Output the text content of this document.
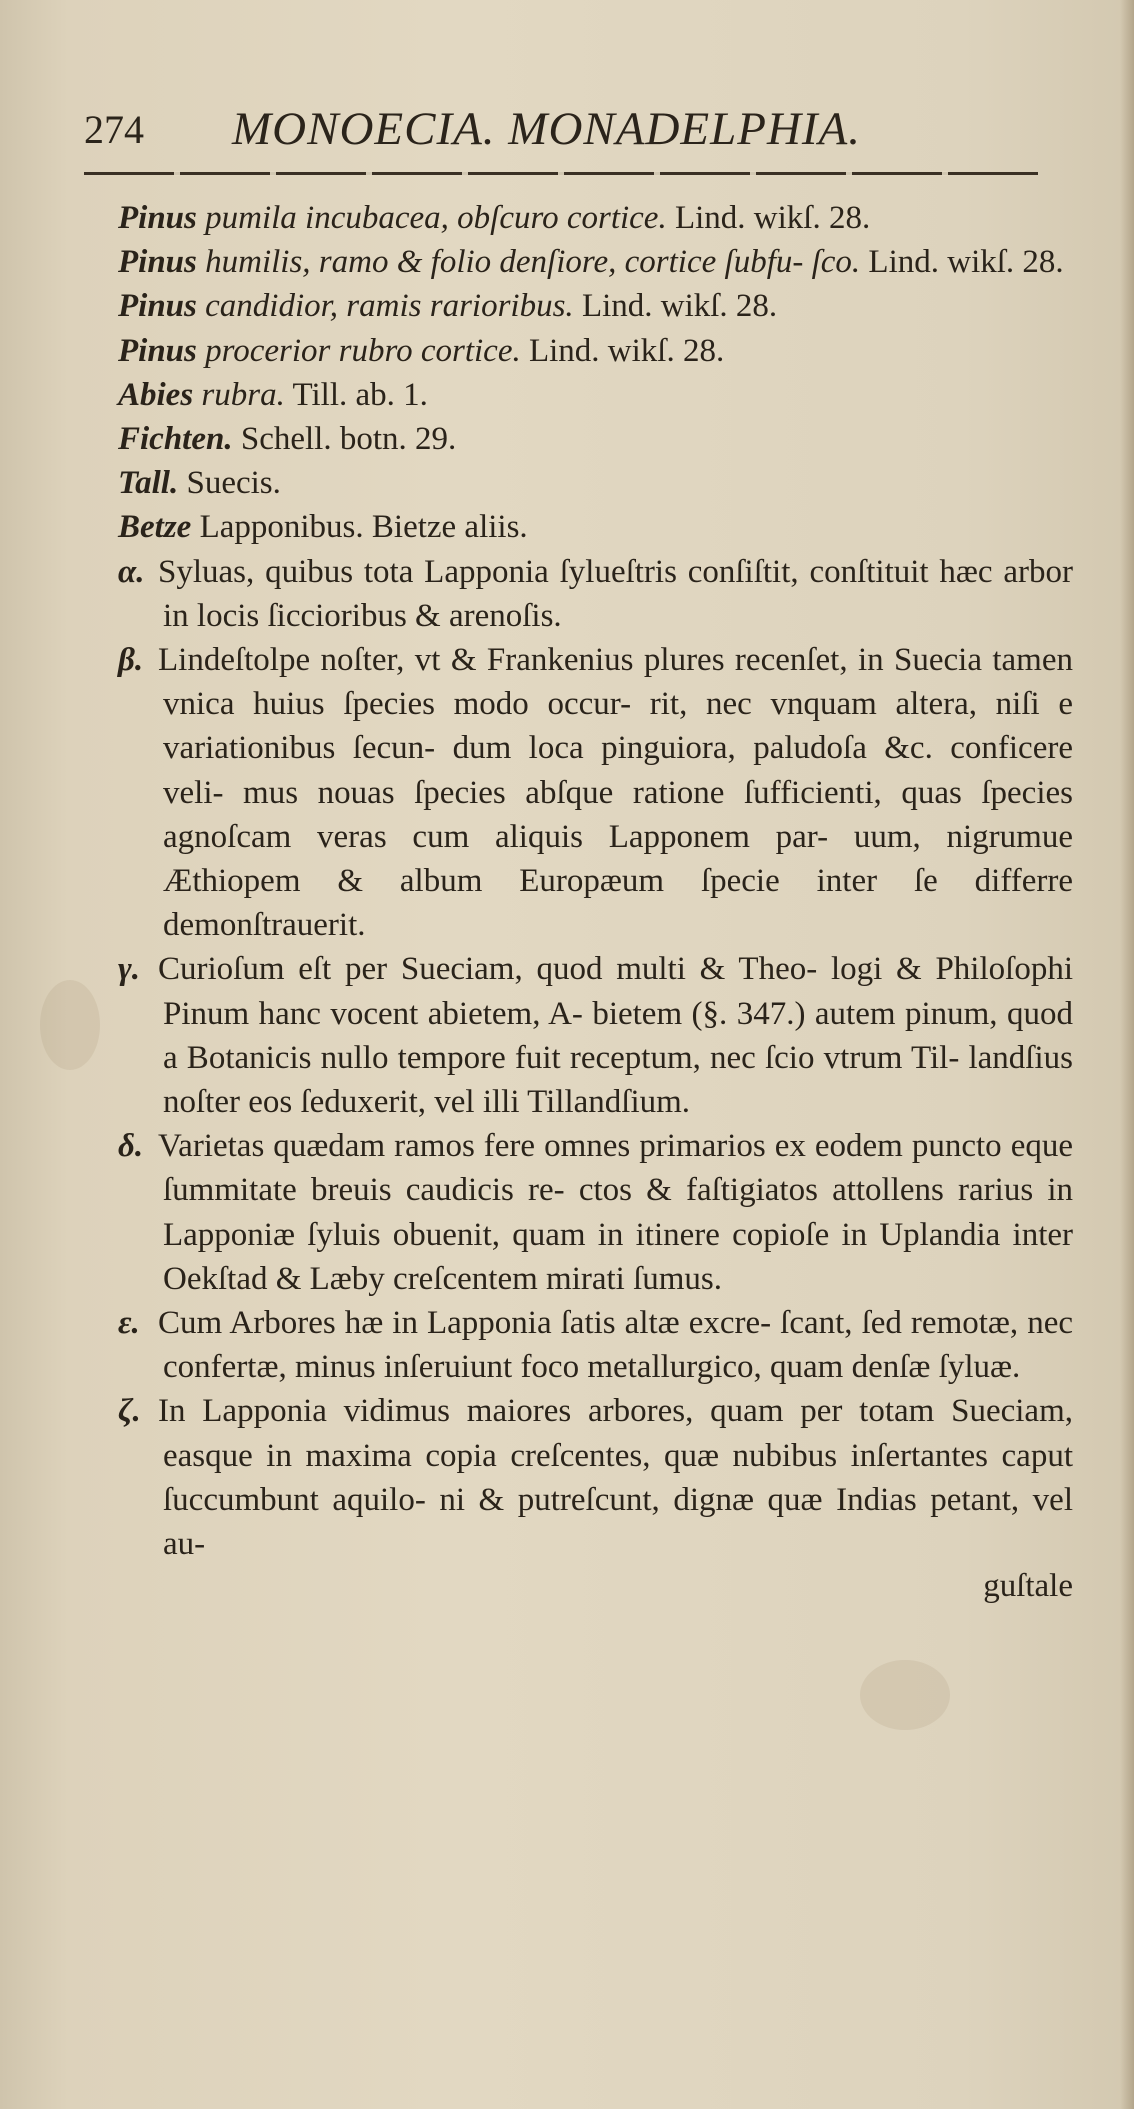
274 MONOECIA. MONADELPHIA.

Pinus pumila incubacea, obſcuro cortice. Lind. wikſ. 28.

Pinus humilis, ramo & folio denſiore, cortice ſubfu- ſco. Lind. wikſ. 28.

Pinus candidior, ramis rarioribus. Lind. wikſ. 28.

Pinus procerior rubro cortice. Lind. wikſ. 28.

Abies rubra. Till. ab. 1.

Fichten. Schell. botn. 29.

Tall. Suecis.

Betze Lapponibus. Bietze aliis.

α. Syluas, quibus tota Lapponia ſylueſtris conſiſtit, conſtituit hæc arbor in locis ſiccioribus & arenoſis.

β. Lindeſtolpe noſter, vt & Frankenius plures recenſet, in Suecia tamen vnica huius ſpecies modo occur- rit, nec vnquam altera, niſi e variationibus ſecun- dum loca pinguiora, paludoſa &c. conficere veli- mus nouas ſpecies abſque ratione ſufficienti, quas ſpecies agnoſcam veras cum aliquis Lapponem par- uum, nigrumue Æthiopem & album Europæum ſpecie inter ſe differre demonſtrauerit.

γ. Curioſum eſt per Sueciam, quod multi & Theo- logi & Philoſophi Pinum hanc vocent abietem, A- bietem (§. 347.) autem pinum, quod a Botanicis nullo tempore fuit receptum, nec ſcio vtrum Til- landſius noſter eos ſeduxerit, vel illi Tillandſium.

δ. Varietas quædam ramos fere omnes primarios ex eodem puncto eque ſummitate breuis caudicis re- ctos & faſtigiatos attollens rarius in Lapponiæ ſyluis obuenit, quam in itinere copioſe in Uplandia inter Oekſtad & Læby creſcentem mirati ſumus.

ε. Cum Arbores hæ in Lapponia ſatis altæ excre- ſcant, ſed remotæ, nec confertæ, minus inſeruiunt foco metallurgico, quam denſæ ſyluæ.

ζ. In Lapponia vidimus maiores arbores, quam per totam Sueciam, easque in maxima copia creſcentes, quæ nubibus inſertantes caput ſuccumbunt aquilo- ni & putreſcunt, dignæ quæ Indias petant, vel au-

guſtale
